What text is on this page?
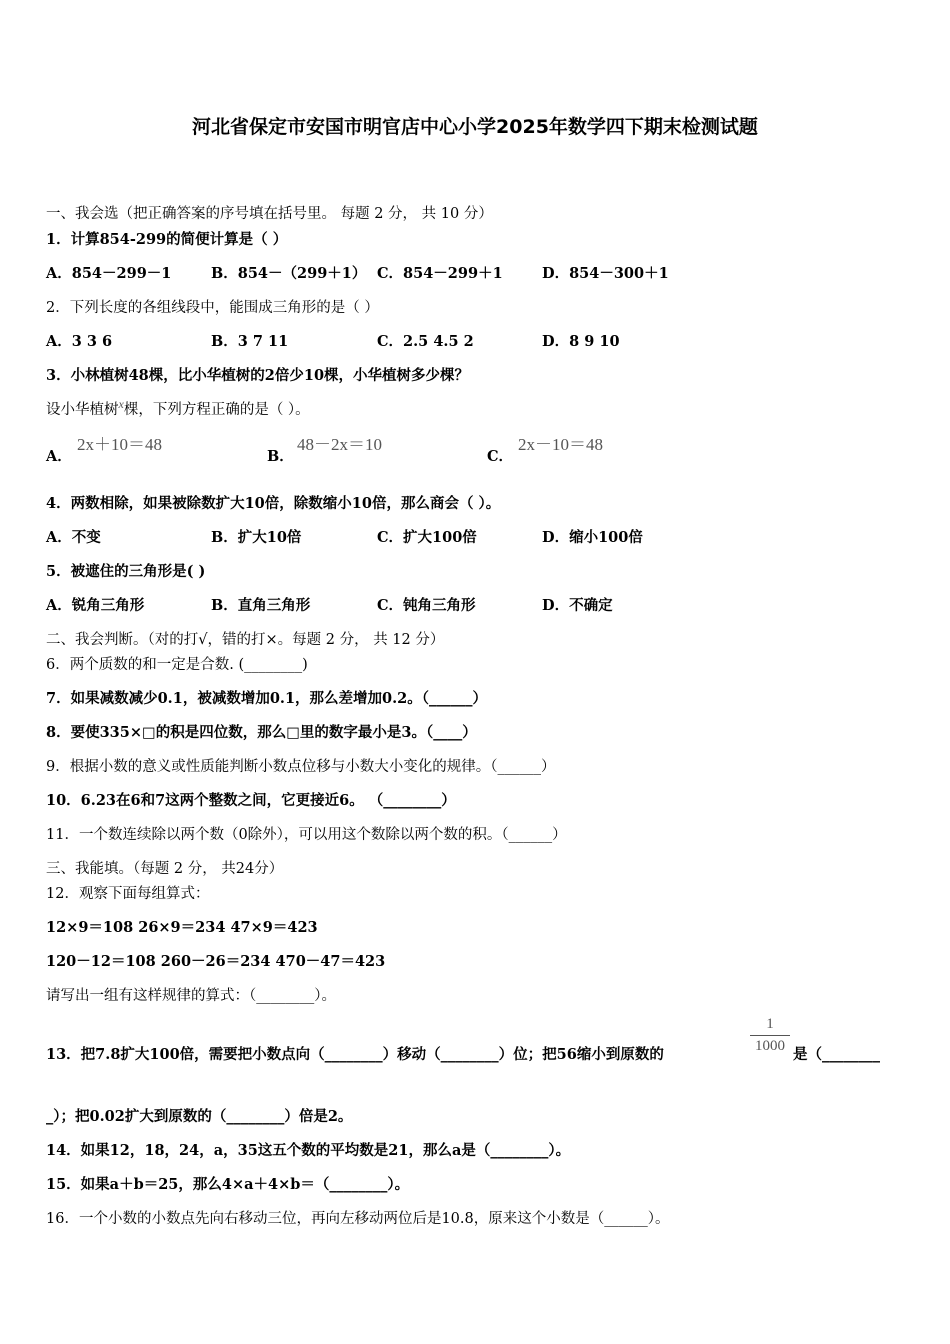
河北省保定市安国市明官店中心小学2025年数学四下期末检测试题
一、我会选（把正确答案的序号填在括号里。 每题 2 分， 共 10 分）
1．计算854-299的简便计算是（ ）
A．854－299－1	B．854－（299＋1） C．854－299＋1	D．854－300＋1
2．下列长度的各组线段中，能围成三角形的是（ ）
A．3 3 6	B．3 7 11	C．2.5 4.5 2	D．8 9 10
3．小林植树48棵，比小华植树的2倍少10棵，小华植树多少棵？
设小华植树$^x$棵，下列方程正确的是（ ）。
A．
2x＋10＝48
B．
48－2x＝10
C．
2x－10＝48
4．两数相除，如果被除数扩大10倍，除数缩小10倍，那么商会（ ）。
A．不变	B．扩大10倍	C．扩大100倍	D．缩小100倍
5．被遮住的三角形是( )
A．锐角三角形	B．直角三角形	C．钝角三角形	D．不确定
二、我会判断。（对的打√，错的打×。每题 2 分， 共 12 分）
6．两个质数的和一定是合数. (________)
7．如果减数减少0.1，被减数增加0.1，那么差增加0.2。（______）
8．要使335×□的积是四位数，那么□里的数字最小是3。（____）
9．根据小数的意义或性质能判断小数点位移与小数大小变化的规律。（______）
10．6.23在6和7这两个整数之间，它更接近6。 （________）
11．一个数连续除以两个数（0除外），可以用这个数除以两个数的积。（______）
三、我能填。（每题 2 分， 共24分）
12．观察下面每组算式：
12×9＝108 26×9＝234 47×9＝423
120－12＝108 260－26＝234 470－47＝423
请写出一组有这样规律的算式：（________）。
13．把7.8扩大100倍，需要把小数点向（________）移动（________）位；把56缩小到原数的
1
1000 是（________
_）；把0.02扩大到原数的（________）倍是2。
14．如果12，18，24，a，35这五个数的平均数是21，那么a是（________）。
15．如果a＋b＝25，那么4×a＋4×b＝（________）。
16．一个小数的小数点先向右移动三位，再向左移动两位后是10.8，原来这个小数是（______）。
